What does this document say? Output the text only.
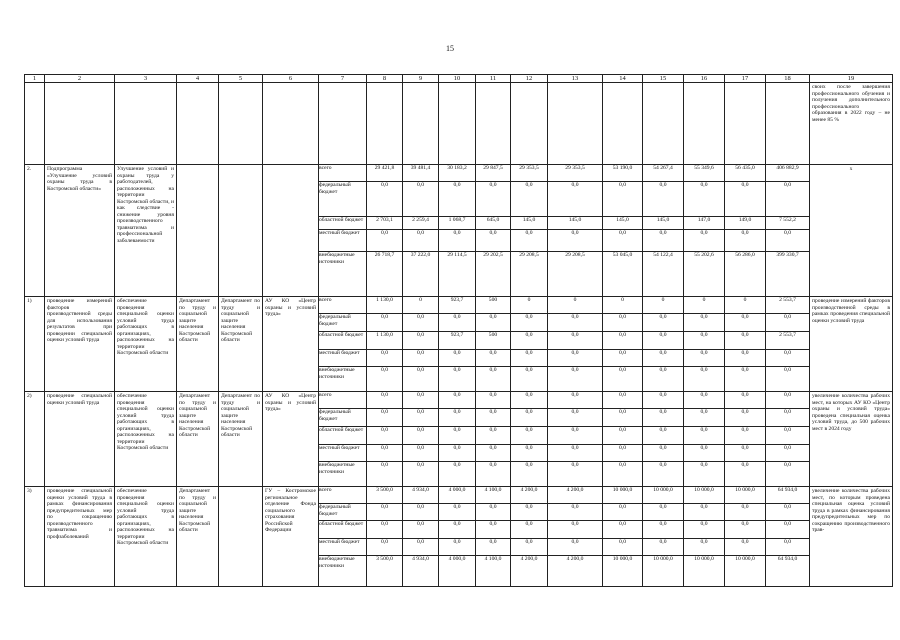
15
1	2	3	4	5	6	7	8	9	10	11	12	13	14	15	16	17	18	19

																		своих после завершения профессионального обучения и получения дополнительного профессионального образования в 2022 году – не менее 85 %

2.	Подпрограмма «Улучшение условий охраны труда в Костромской области»	Улучшение условий и охраны труда у работодателей, расположенных на территории Костромской области, и как следствие - снижение уровня производственного травматизма и профессиональной заболеваемости				всего	29 421,8	39 481,4	30 183,2	29 847,5	29 353,5	29 353,5	53 190,0	54 267,4	55 349,6	56 435,0	406 882,9	х

						федеральный бюджет	0,0	0,0	0,0	0,0	0,0	0,0	0,0	0,0	0,0	0,0	0,0	
						областной бюджет	2 703,1	2 259,4	1 068,7	645,0	145,0	145,0	145,0	145,0	147,0	149,0	7 552,2	
						местный бюджет	0,0	0,0	0,0	0,0	0,0	0,0	0,0	0,0	0,0	0,0	0,0	
						внебюджетные источники	26 718,7	37 222,0	29 114,5	29 202,5	29 208,5	29 208,5	53 045,0	54 122,4	55 202,6	56 286,0	399 330,7	

1)	проведение измерений факторов производственной среды для использования результатов при проведении специальной оценки условий труда	обеспечение проведения специальной оценки условий труда работающих в организациях, расположенных на территории Костромской области	Департамент по труду и социальной защите населения Костромской области	Департамент по труду и социальной защите населения Костромской области	АУ КО «Центр охраны и условий труда»	всего	1 130,0	0	923,7	500	0	0	0	0	0	0	2 553,7	проведение измерений факторов производственной среды в рамках проведения специальной оценки условий труда

						федеральный бюджет	0,0	0,0	0,0	0,0	0,0	0,0	0,0	0,0	0,0	0,0	0,0	
						областной бюджет	1 130,0	0,0	923,7	500	0,0	0,0	0,0	0,0	0,0	0,0	2 553,7	
						местный бюджет	0,0	0,0	0,0	0,0	0,0	0,0	0,0	0,0	0,0	0,0	0,0	
						внебюджетные источники	0,0	0,0	0,0	0,0	0,0	0,0	0,0	0,0	0,0	0,0	0,0	

2)	проведение специальной оценки условий труда	обеспечение проведения специальной оценки условий труда работающих в организациях, расположенных на территории Костромской области	Департамент по труду и социальной защите населения Костромской области	Департамент по труду и социальной защите населения Костромской области	АУ КО «Центр охраны и условий труда»	всего	0,0	0,0	0,0	0,0	0,0	0,0	0,0	0,0	0,0	0,0	0,0	увеличение количества рабочих мест, на которых АУ КО «Центр охраны и условий труда» проведена специальная оценка условий труда, до 500 рабочих мест в 2024 году

						федеральный бюджет	0,0	0,0	0,0	0,0	0,0	0,0	0,0	0,0	0,0	0,0	0,0	
						областной бюджет	0,0	0,0	0,0	0,0	0,0	0,0	0,0	0,0	0,0	0,0	0,0	
						местный бюджет	0,0	0,0	0,0	0,0	0,0	0,0	0,0	0,0	0,0	0,0	0,0	
						внебюджетные источники	0,0	0,0	0,0	0,0	0,0	0,0	0,0	0,0	0,0	0,0	0,0	

3)	проведение специальной оценки условий труда в рамках финансирования предупредительных мер по сокращению производственного травматизма и профзаболеваний	обеспечение проведения специальной оценки условий труда работающих в организациях, расположенных на территории Костромской области	Департамент по труду и социальной защите населения Костромской области		ГУ – Костромское региональное отделение Фонда социального страхования Российской Федерации	всего	3 500,0	4 934,0	4 000,0	4 100,0	4 200,0	4 200,0	10 000,0	10 000,0	10 000,0	10 000,0	64 934,0	увеличение количества рабочих мест, по которым проведена специальная оценка условий труда в рамках финансирования предупредительных мер по сокращению производственного трав-

						федеральный бюджет	0,0	0,0	0,0	0,0	0,0	0,0	0,0	0,0	0,0	0,0	0,0	
						областной бюджет	0,0	0,0	0,0	0,0	0,0	0,0	0,0	0,0	0,0	0,0	0,0	
						местный бюджет	0,0	0,0	0,0	0,0	0,0	0,0	0,0	0,0	0,0	0,0	0,0	
						внебюджетные источники	3 500,0	4 934,0	4 000,0	4 100,0	4 200,0	4 200,0	10 000,0	10 000,0	10 000,0	10 000,0	64 934,0	
